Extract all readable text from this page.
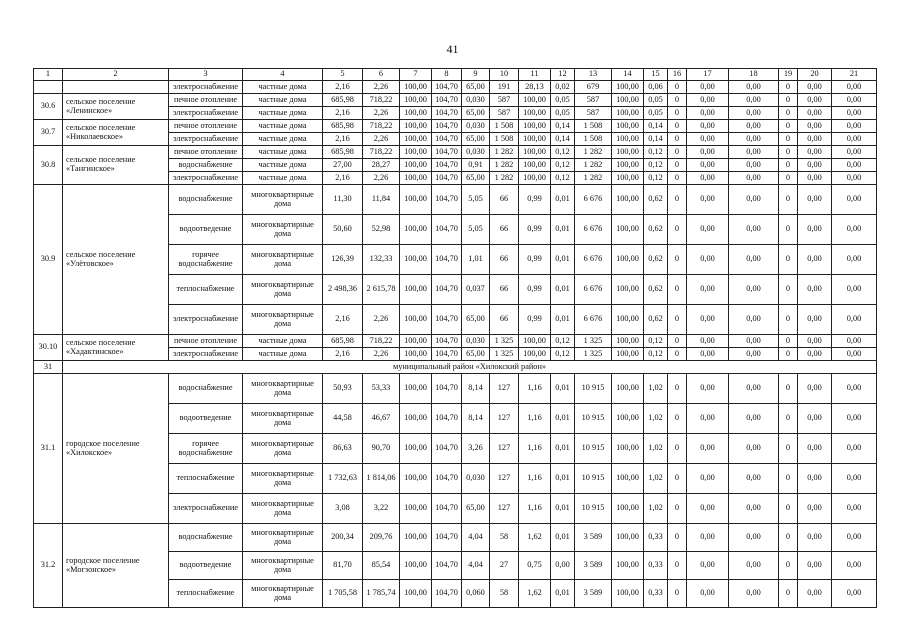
41
1	2	3	4	5	6	7	8	9	10	11	12	13	14	15	16	17	18	19	20	21
		электроснабжение	частные дома	2,16	2,26	100,00	104,70	65,00	191	28,13	0,02	679	100,00	0,06	0	0,00	0,00	0	0,00	0,00
30.6	сельское поселение «Ленинское»	печное отопление	частные дома	685,98	718,22	100,00	104,70	0,030	587	100,00	0,05	587	100,00	0,05	0	0,00	0,00	0	0,00	0,00
		электроснабжение	частные дома	2,16	2,26	100,00	104,70	65,00	587	100,00	0,05	587	100,00	0,05	0	0,00	0,00	0	0,00	0,00
30.7	сельское поселение «Николаевское»	печное отопление	частные дома	685,98	718,22	100,00	104,70	0,030	1 508	100,00	0,14	1 508	100,00	0,14	0	0,00	0,00	0	0,00	0,00
		электроснабжение	частные дома	2,16	2,26	100,00	104,70	65,00	1 508	100,00	0,14	1 508	100,00	0,14	0	0,00	0,00	0	0,00	0,00
30.8	сельское поселение «Тангинское»	печное отопление	частные дома	685,98	718,22	100,00	104,70	0,030	1 282	100,00	0,12	1 282	100,00	0,12	0	0,00	0,00	0	0,00	0,00
		водоснабжение	частные дома	27,00	28,27	100,00	104,70	0,91	1 282	100,00	0,12	1 282	100,00	0,12	0	0,00	0,00	0	0,00	0,00
		электроснабжение	частные дома	2,16	2,26	100,00	104,70	65,00	1 282	100,00	0,12	1 282	100,00	0,12	0	0,00	0,00	0	0,00	0,00
30.9	сельское поселение «Улётовское»	водоснабжение	многоквартирные дома	11,30	11,84	100,00	104,70	5,05	66	0,99	0,01	6 676	100,00	0,62	0	0,00	0,00	0	0,00	0,00
		водоотведение	многоквартирные дома	50,60	52,98	100,00	104,70	5,05	66	0,99	0,01	6 676	100,00	0,62	0	0,00	0,00	0	0,00	0,00
		горячее водоснабжение	многоквартирные дома	126,39	132,33	100,00	104,70	1,01	66	0,99	0,01	6 676	100,00	0,62	0	0,00	0,00	0	0,00	0,00
		теплоснабжение	многоквартирные дома	2 498,36	2 615,78	100,00	104,70	0,037	66	0,99	0,01	6 676	100,00	0,62	0	0,00	0,00	0	0,00	0,00
		электроснабжение	многоквартирные дома	2,16	2,26	100,00	104,70	65,00	66	0,99	0,01	6 676	100,00	0,62	0	0,00	0,00	0	0,00	0,00
30.10	сельское поселение «Хадактинское»	печное отопление	частные дома	685,98	718,22	100,00	104,70	0,030	1 325	100,00	0,12	1 325	100,00	0,12	0	0,00	0,00	0	0,00	0,00
		электроснабжение	частные дома	2,16	2,26	100,00	104,70	65,00	1 325	100,00	0,12	1 325	100,00	0,12	0	0,00	0,00	0	0,00	0,00
31	муниципальный район «Хилокский район»																			
31.1	городское поселение «Хилокское»	водоснабжение	многоквартирные дома	50,93	53,33	100,00	104,70	8,14	127	1,16	0,01	10 915	100,00	1,02	0	0,00	0,00	0	0,00	0,00
		водоотведение	многоквартирные дома	44,58	46,67	100,00	104,70	8,14	127	1,16	0,01	10 915	100,00	1,02	0	0,00	0,00	0	0,00	0,00
		горячее водоснабжение	многоквартирные дома	86,63	90,70	100,00	104,70	3,26	127	1,16	0,01	10 915	100,00	1,02	0	0,00	0,00	0	0,00	0,00
		теплоснабжение	многоквартирные дома	1 732,63	1 814,06	100,00	104,70	0,030	127	1,16	0,01	10 915	100,00	1,02	0	0,00	0,00	0	0,00	0,00
		электроснабжение	многоквартирные дома	3,08	3,22	100,00	104,70	65,00	127	1,16	0,01	10 915	100,00	1,02	0	0,00	0,00	0	0,00	0,00
31.2	городское поселение «Могзонское»	водоснабжение	многоквартирные дома	200,34	209,76	100,00	104,70	4,04	58	1,62	0,01	3 589	100,00	0,33	0	0,00	0,00	0	0,00	0,00
		водоотведение	многоквартирные дома	81,70	85,54	100,00	104,70	4,04	27	0,75	0,00	3 589	100,00	0,33	0	0,00	0,00	0	0,00	0,00
		теплоснабжение	многоквартирные дома	1 705,58	1 785,74	100,00	104,70	0,060	58	1,62	0,01	3 589	100,00	0,33	0	0,00	0,00	0	0,00	0,00
